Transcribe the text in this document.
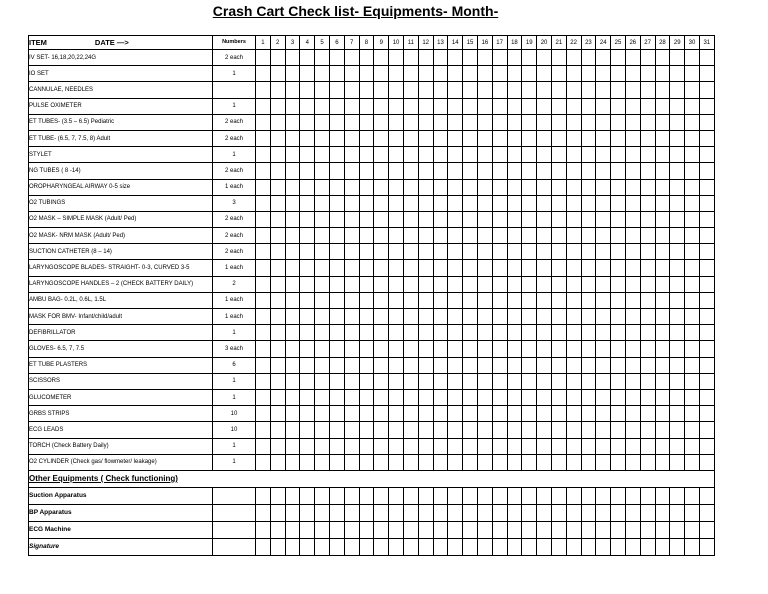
Crash Cart Check list- Equipments- Month-
ITEM DATE —>	Numbers	1	2	3	4	5	6	7	8	9	10	11	12	13	14	15	16	17	18	19	20	21	22	23	24	25	26	27	28	29	30	31
IV SET- 16,18,20,22,24G	2 each																															
IO SET	1																															
CANNULAE, NEEDLES																																
PULSE OXIMETER	1																															
ET TUBES- (3.5 – 6.5) Pediatric	2 each																															
ET TUBE- (6.5, 7, 7.5, 8) Adult	2 each																															
STYLET	1																															
NG TUBES ( 8 -14)	2 each																															
OROPHARYNGEAL AIRWAY 0-5 size	1 each																															
O2 TUBINGS	3																															
O2 MASK – SIMPLE MASK (Adult/ Ped)	2 each																															
O2 MASK- NRM MASK (Adult/ Ped)	2 each																															
SUCTION CATHETER (8 – 14)	2 each																															
LARYNGOSCOPE BLADES- STRAIGHT- 0-3, CURVED 3-5	1 each																															
LARYNGOSCOPE HANDLES – 2 (CHECK BATTERY DAILY)	2																															
AMBU BAG- 0.2L, 0.6L, 1.5L	1 each																															
MASK FOR BMV- Infant/child/adult	1 each																															
DEFIBRILLATOR	1																															
GLOVES- 6.5, 7, 7.5	3 each																															
ET TUBE PLASTERS	6																															
SCISSORS	1																															
GLUCOMETER	1																															
GRBS STRIPS	10																															
ECG LEADS	10																															
TORCH (Check Battery Daily)	1																															
O2 CYLINDER (Check gas/ flowmeter/ leakage)	1																															
Other Equipments ( Check functioning)																																
Suction Apparatus																																
BP Apparatus																																
ECG Machine																																
Signature																																
